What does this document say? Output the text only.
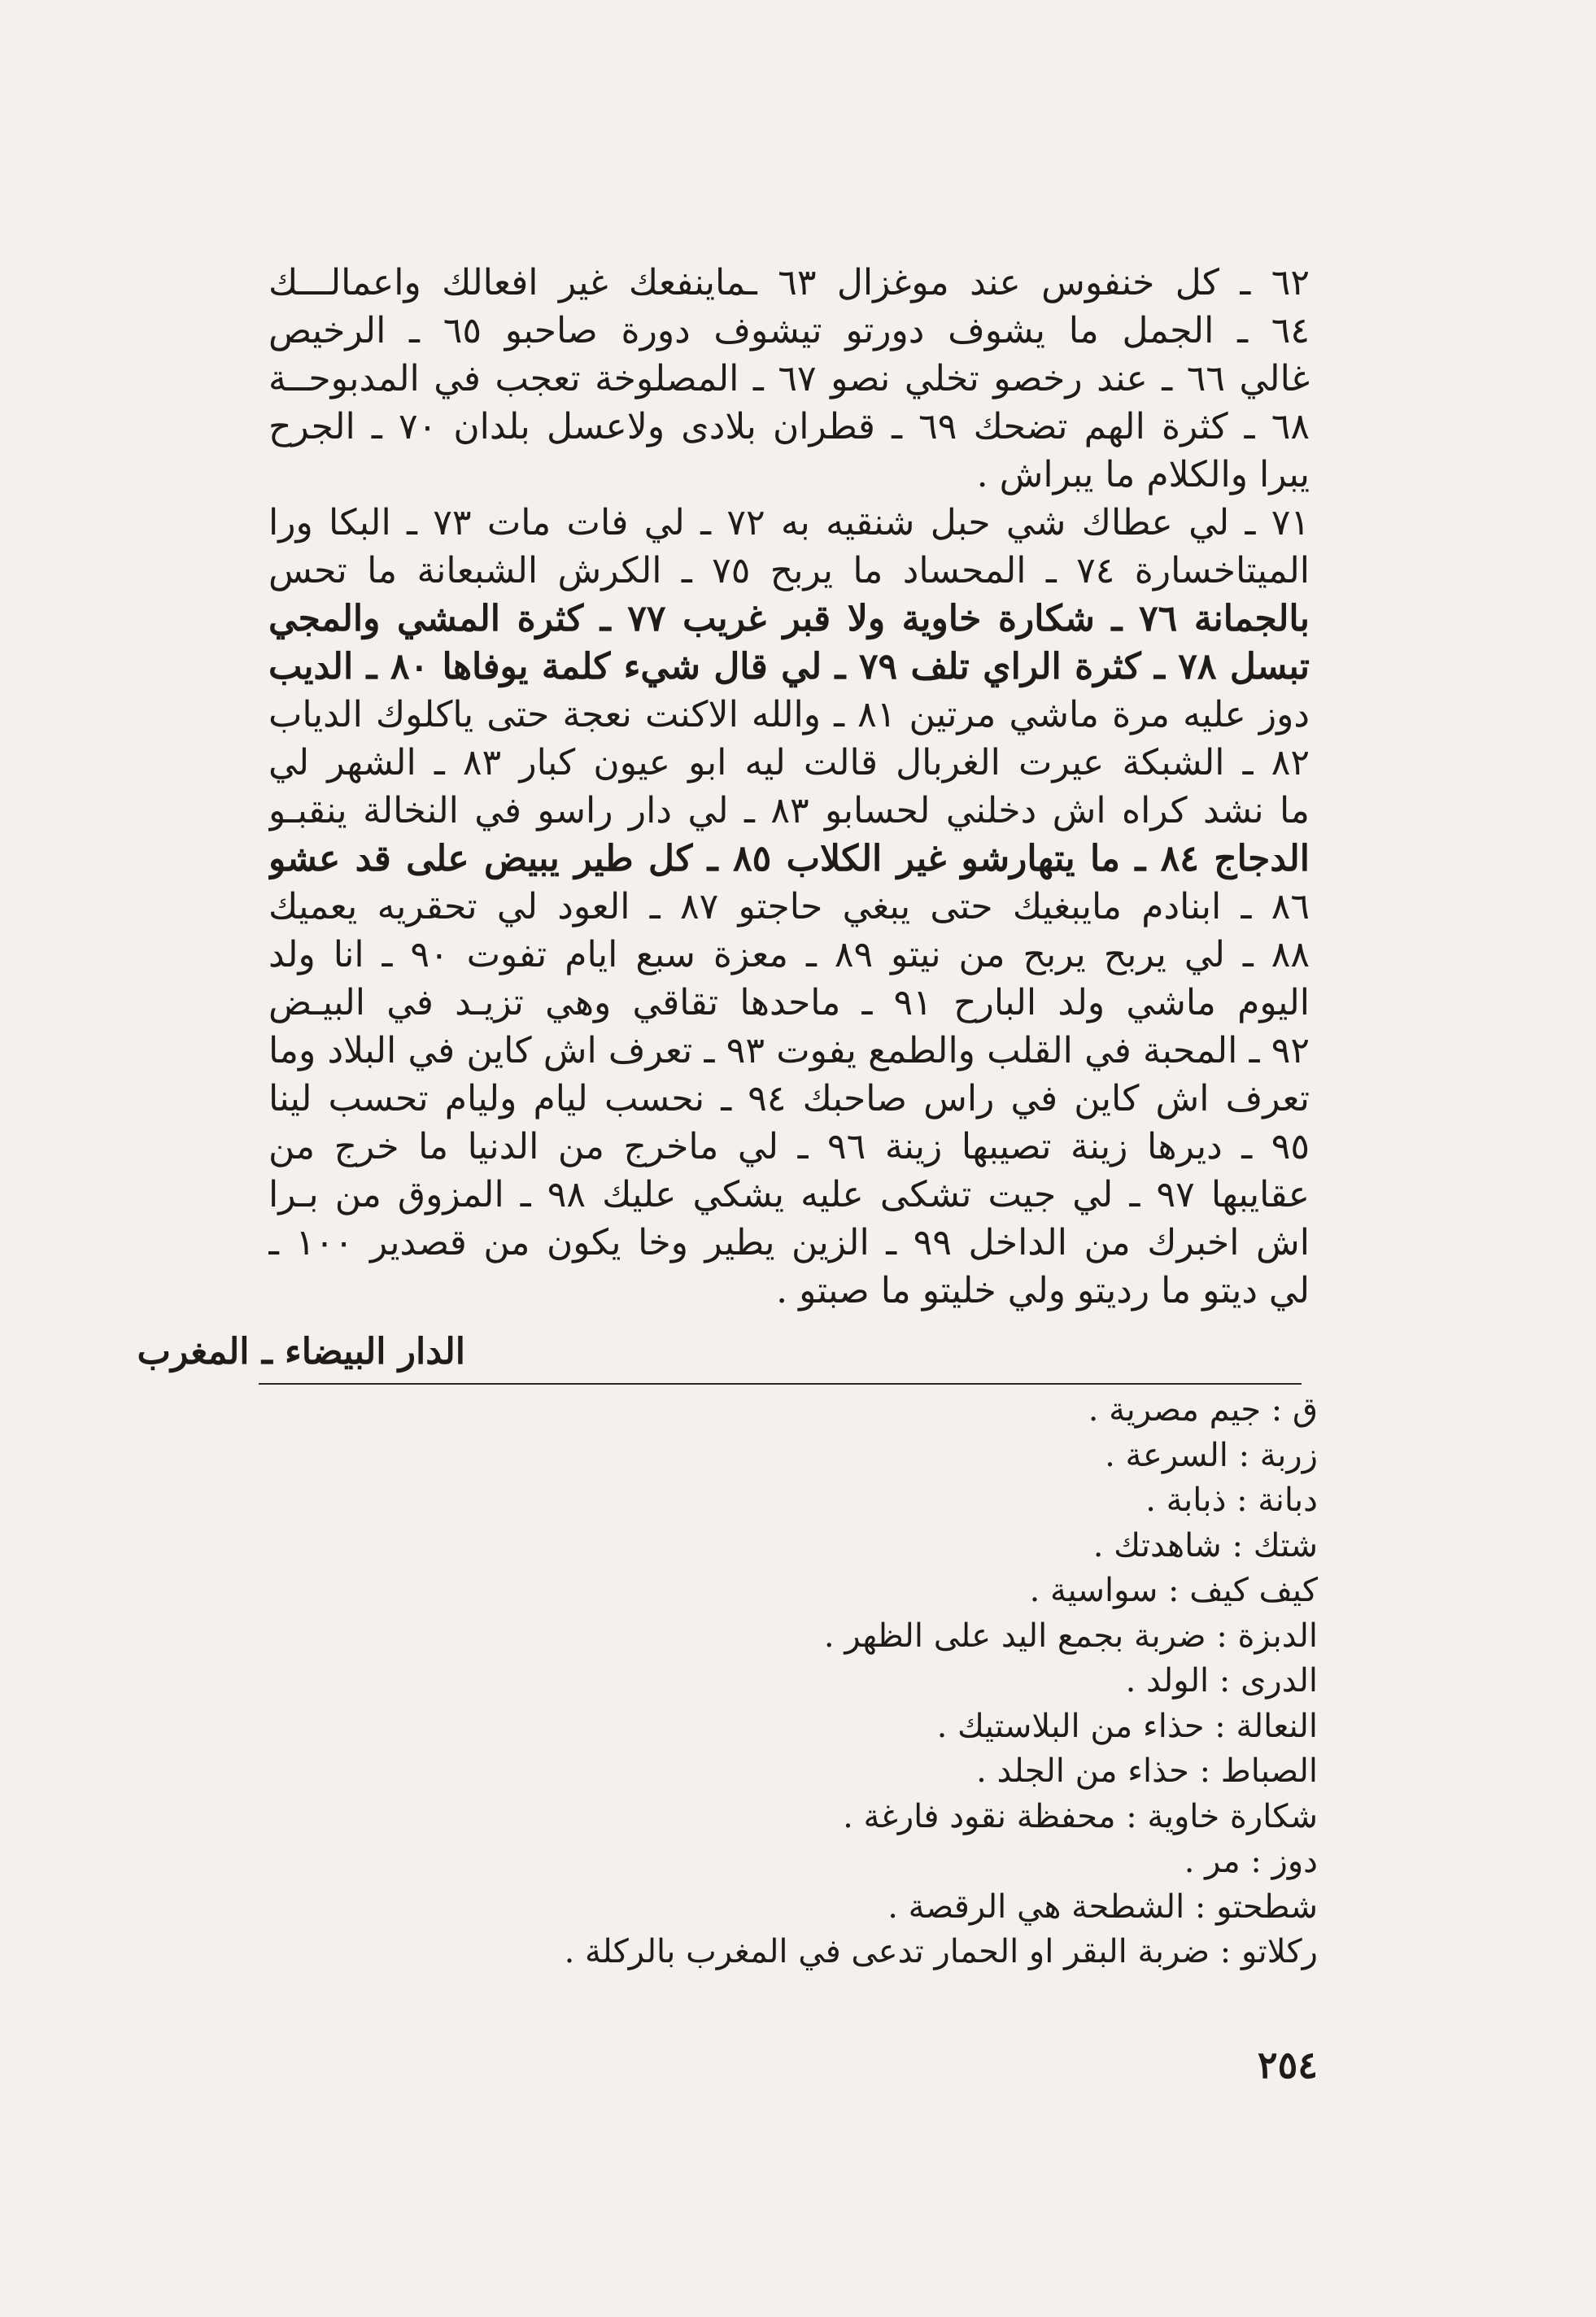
٦٢ ـ كل خنفوس عند موغزال ٦٣ ـماينفعك غير افعالك واعمالـــك
٦٤ ـ الجمل ما يشوف دورتو تيشوف دورة صاحبو ٦٥ ـ الرخيص
غالي ٦٦ ـ عند رخصو تخلي نصو ٦٧ ـ المصلوخة تعجب في المدبوحــة
٦٨ ـ كثرة الهم تضحك ٦٩ ـ قطران بلادى ولاعسل بلدان ٧٠ ـ الجرح
يبرا والكلام ما يبراش .
٧١ ـ لي عطاك شي حبل شنقيه به ٧٢ ـ لي فات مات ٧٣ ـ البكا ورا
الميتاخسارة ٧٤ ـ المحساد ما يربح ٧٥ ـ الكرش الشبعانة ما تحس
بالجمانة ٧٦ ـ شكارة خاوية ولا قبر غريب ٧٧ ـ كثرة المشي والمجي
تبسل ٧٨ ـ كثرة الراي تلف ٧٩ ـ لي قال شيء كلمة يوفاها ٨٠ ـ الديب
دوز عليه مرة ماشي مرتين ٨١ ـ والله الاكنت نعجة حتى ياكلوك الدياب
٨٢ ـ الشبكة عيرت الغربال قالت ليه ابو عيون كبار ٨٣ ـ الشهر لي
ما نشد كراه اش دخلني لحسابو ٨٣ ـ لي دار راسو في النخالة ينقبـو
الدجاج ٨٤ ـ ما يتهارشو غير الكلاب ٨٥ ـ كل طير يبيض على قد عشو
٨٦ ـ ابنادم مايبغيك حتى يبغي حاجتو ٨٧ ـ العود لي تحقريه يعميك
٨٨ ـ لي يربح يربح من نيتو ٨٩ ـ معزة سبع ايام تفوت ٩٠ ـ انا ولد
اليوم ماشي ولد البارح ٩١ ـ ماحدها تقاقي وهي تزيـد في البيـض
٩٢ ـ المحبة في القلب والطمع يفوت ٩٣ ـ تعرف اش كاين في البلاد وما
تعرف اش كاين في راس صاحبك ٩٤ ـ نحسب ليام وليام تحسب لينا
٩٥ ـ ديرها زينة تصيبها زينة ٩٦ ـ لي ماخرج من الدنيا ما خرج من
عقايبها ٩٧ ـ لي جيت تشكى عليه يشكي عليك ٩٨ ـ المزوق من بـرا
اش اخبرك من الداخل ٩٩ ـ الزين يطير وخا يكون من قصدير ١٠٠ ـ
لي ديتو ما رديتو ولي خليتو ما صبتو .
الدار البيضاء ـ المغرب
ق : جيم مصرية .
زربة : السرعة .
دبانة : ذبابة .
شتك : شاهدتك .
كيف كيف : سواسية .
الدبزة : ضربة بجمع اليد على الظهر .
الدرى : الولد .
النعالة : حذاء من البلاستيك .
الصباط : حذاء من الجلد .
شكارة خاوية : محفظة نقود فارغة .
دوز : مر .
شطحتو : الشطحة هي الرقصة .
ركلاتو : ضربة البقر او الحمار تدعى في المغرب بالركلة .
٢٥٤
